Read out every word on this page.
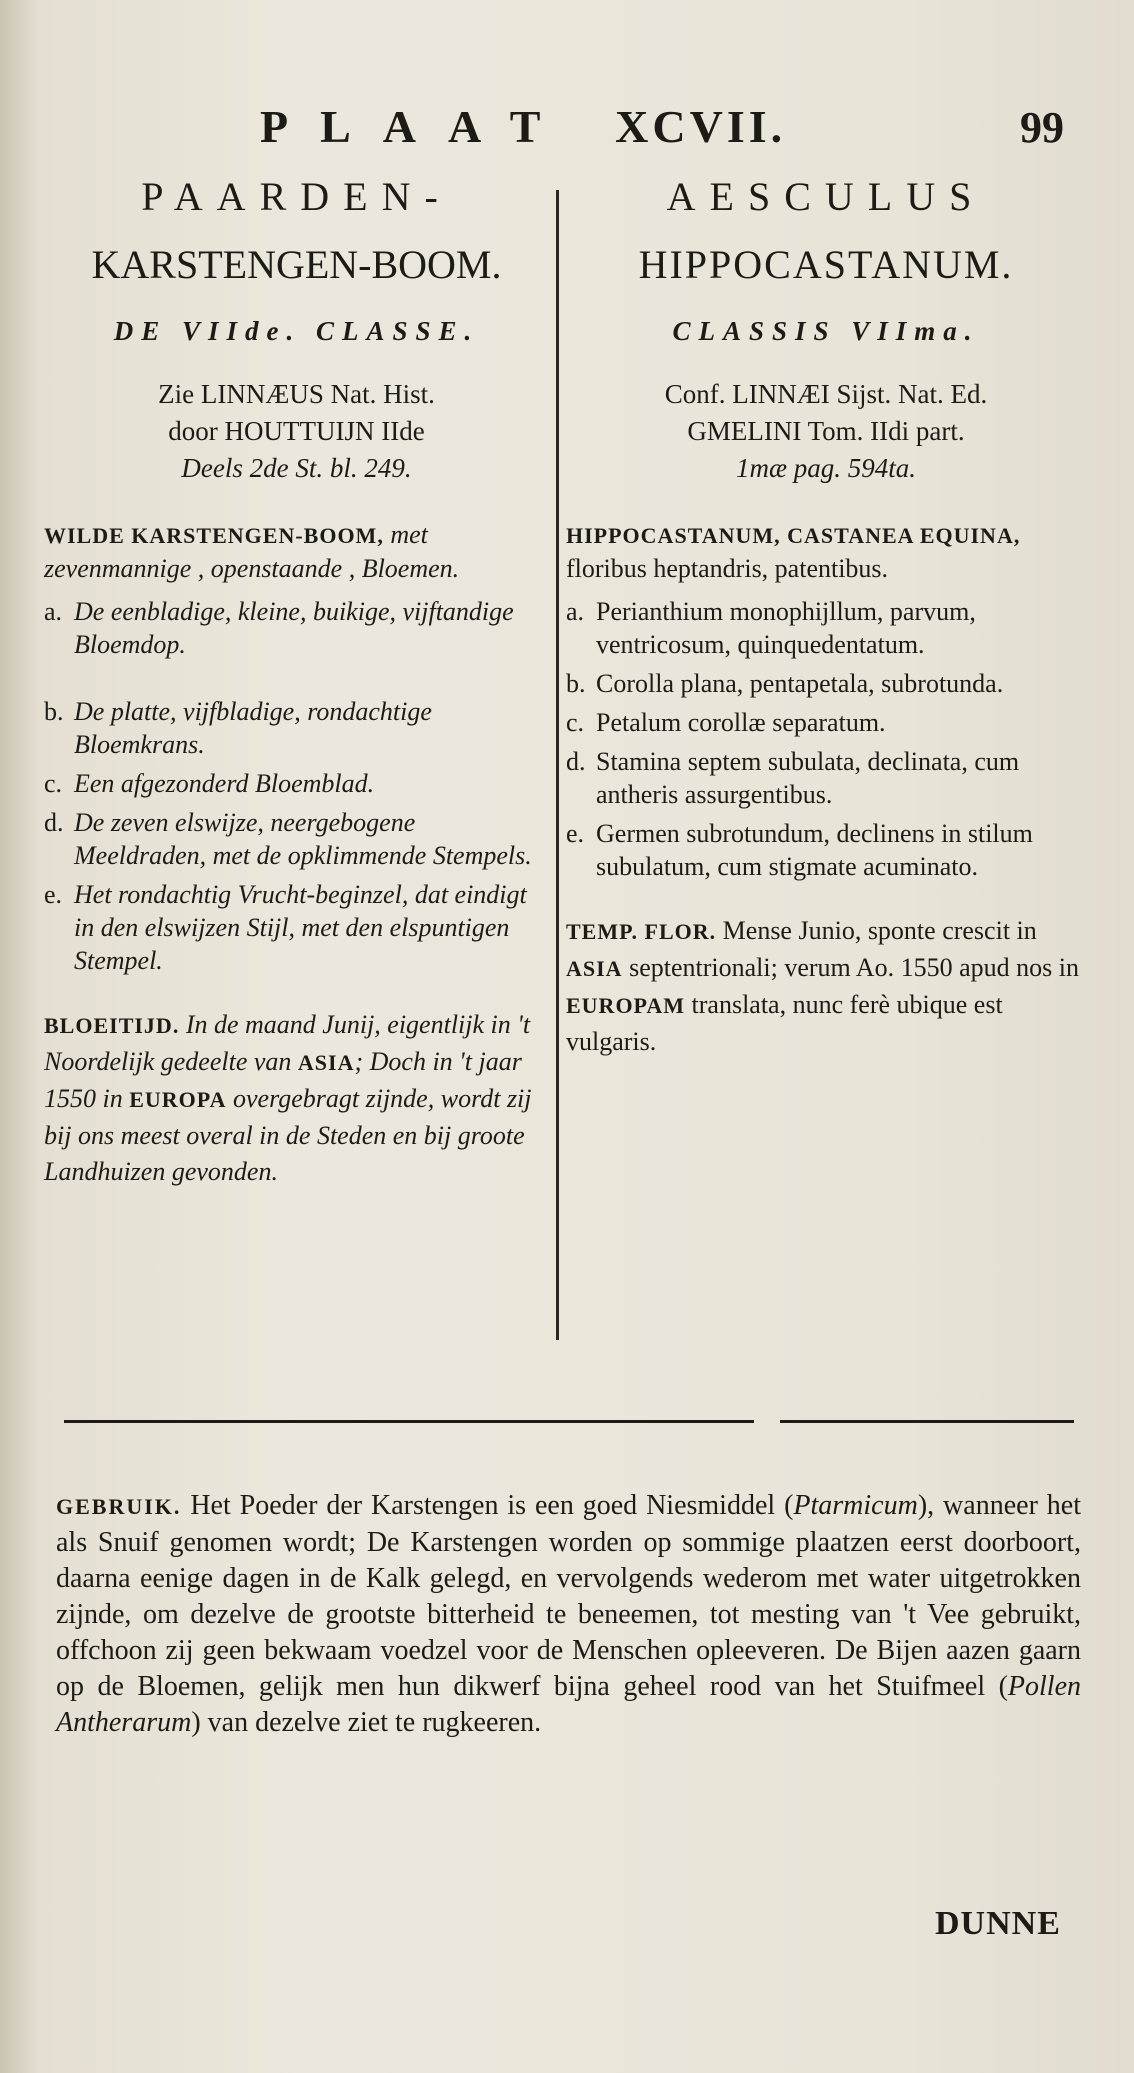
PLAAT XCVII.	99
PAARDEN-
KARSTENGEN-BOOM.
DE VIIde. CLASSE.
Zie LINNÆUS Nat. Hist.
door HOUTTUIJN IIde
Deels 2de St. bl. 249.
WILDE KARSTENGEN-BOOM, met zevenmannige , openstaande , Bloemen.
a. De eenbladige, kleine, buikige, vijftandige Bloemdop.
b. De platte, vijfbladige, rondachtige Bloemkrans.
c. Een afgezonderd Bloemblad.
d. De zeven elswijze, neergebogene Meeldraden, met de opklimmende Stempels.
e. Het rondachtig Vrucht-beginzel, dat eindigt in den elswijzen Stijl, met den elspuntigen Stempel.
BLOEITIJD. In de maand Junij, eigentlijk in 't Noordelijk gedeelte van ASIA; Doch in 't jaar 1550 in EUROPA overgebragt zijnde, wordt zij bij ons meest overal in de Steden en bij groote Landhuizen gevonden.
AESCULUS
HIPPOCASTANUM.
CLASSIS VIIma.
Conf. LINNÆI Sijst. Nat. Ed.
GMELINI Tom. IIdi part.
1mæ pag. 594ta.
HIPPOCASTANUM, CASTANEA EQUINA, floribus heptandris, patentibus.
a. Perianthium monophijllum, parvum, ventricosum, quinquedentatum.
b. Corolla plana, pentapetala, subrotunda.
c. Petalum corollæ separatum.
d. Stamina septem subulata, declinata, cum antheris assurgentibus.
e. Germen subrotundum, declinens in stilum subulatum, cum stigmate acuminato.
TEMP. FLOR. Mense Junio, sponte crescit in ASIA septentrionali; verum Ao. 1550 apud nos in EUROPAM translata, nunc ferè ubique est vulgaris.
GEBRUIK. Het Poeder der Karstengen is een goed Niesmiddel (Ptarmicum), wanneer het als Snuif genomen wordt; De Karstengen worden op sommige plaatzen eerst doorboort, daarna eenige dagen in de Kalk gelegd, en vervolgends wederom met water uitgetrokken zijnde, om dezelve de grootste bitterheid te beneemen, tot mesting van 't Vee gebruikt, offchoon zij geen bekwaam voedzel voor de Menschen opleeveren. De Bijen aazen gaarn op de Bloemen, gelijk men hun dikwerf bijna geheel rood van het Stuifmeel (Pollen Antherarum) van dezelve ziet te rugkeeren.
DUNNE
